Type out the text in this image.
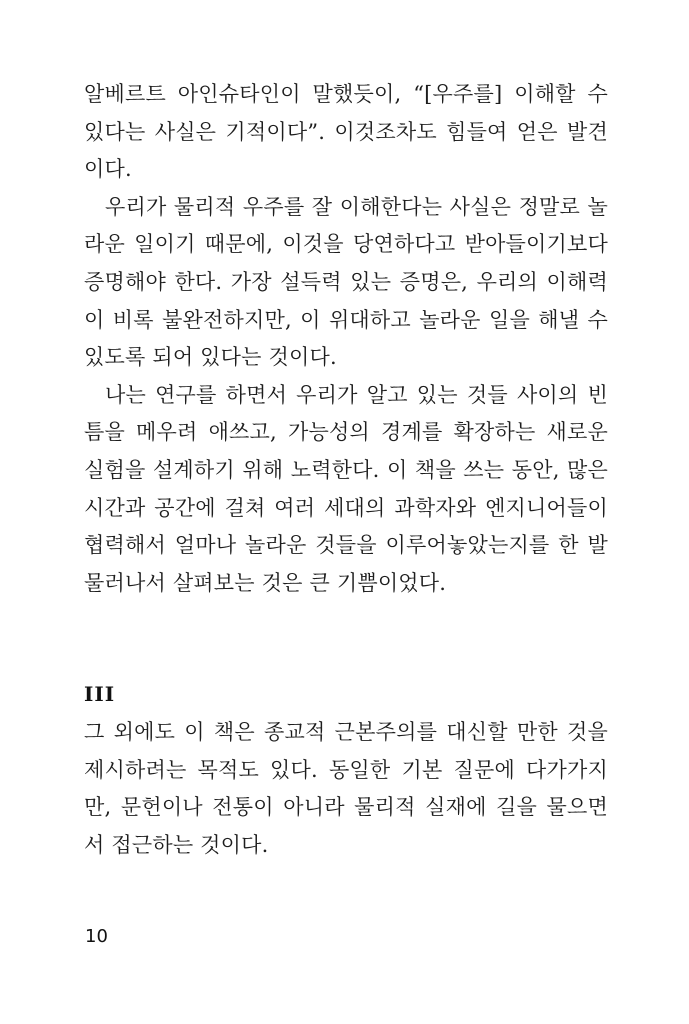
알베르트 아인슈타인이 말했듯이, “[우주를] 이해할 수 있다는 사실은 기적이다”. 이것조차도 힘들여 얻은 발견이다.

우리가 물리적 우주를 잘 이해한다는 사실은 정말로 놀라운 일이기 때문에, 이것을 당연하다고 받아들이기보다 증명해야 한다. 가장 설득력 있는 증명은, 우리의 이해력이 비록 불완전하지만, 이 위대하고 놀라운 일을 해낼 수 있도록 되어 있다는 것이다.

나는 연구를 하면서 우리가 알고 있는 것들 사이의 빈틈을 메우려 애쓰고, 가능성의 경계를 확장하는 새로운 실험을 설계하기 위해 노력한다. 이 책을 쓰는 동안, 많은 시간과 공간에 걸쳐 여러 세대의 과학자와 엔지니어들이 협력해서 얼마나 놀라운 것들을 이루어놓았는지를 한 발 물러나서 살펴보는 것은 큰 기쁨이었다.

III

그 외에도 이 책은 종교적 근본주의를 대신할 만한 것을 제시하려는 목적도 있다. 동일한 기본 질문에 다가가지만, 문헌이나 전통이 아니라 물리적 실재에 길을 물으면서 접근하는 것이다.

10
